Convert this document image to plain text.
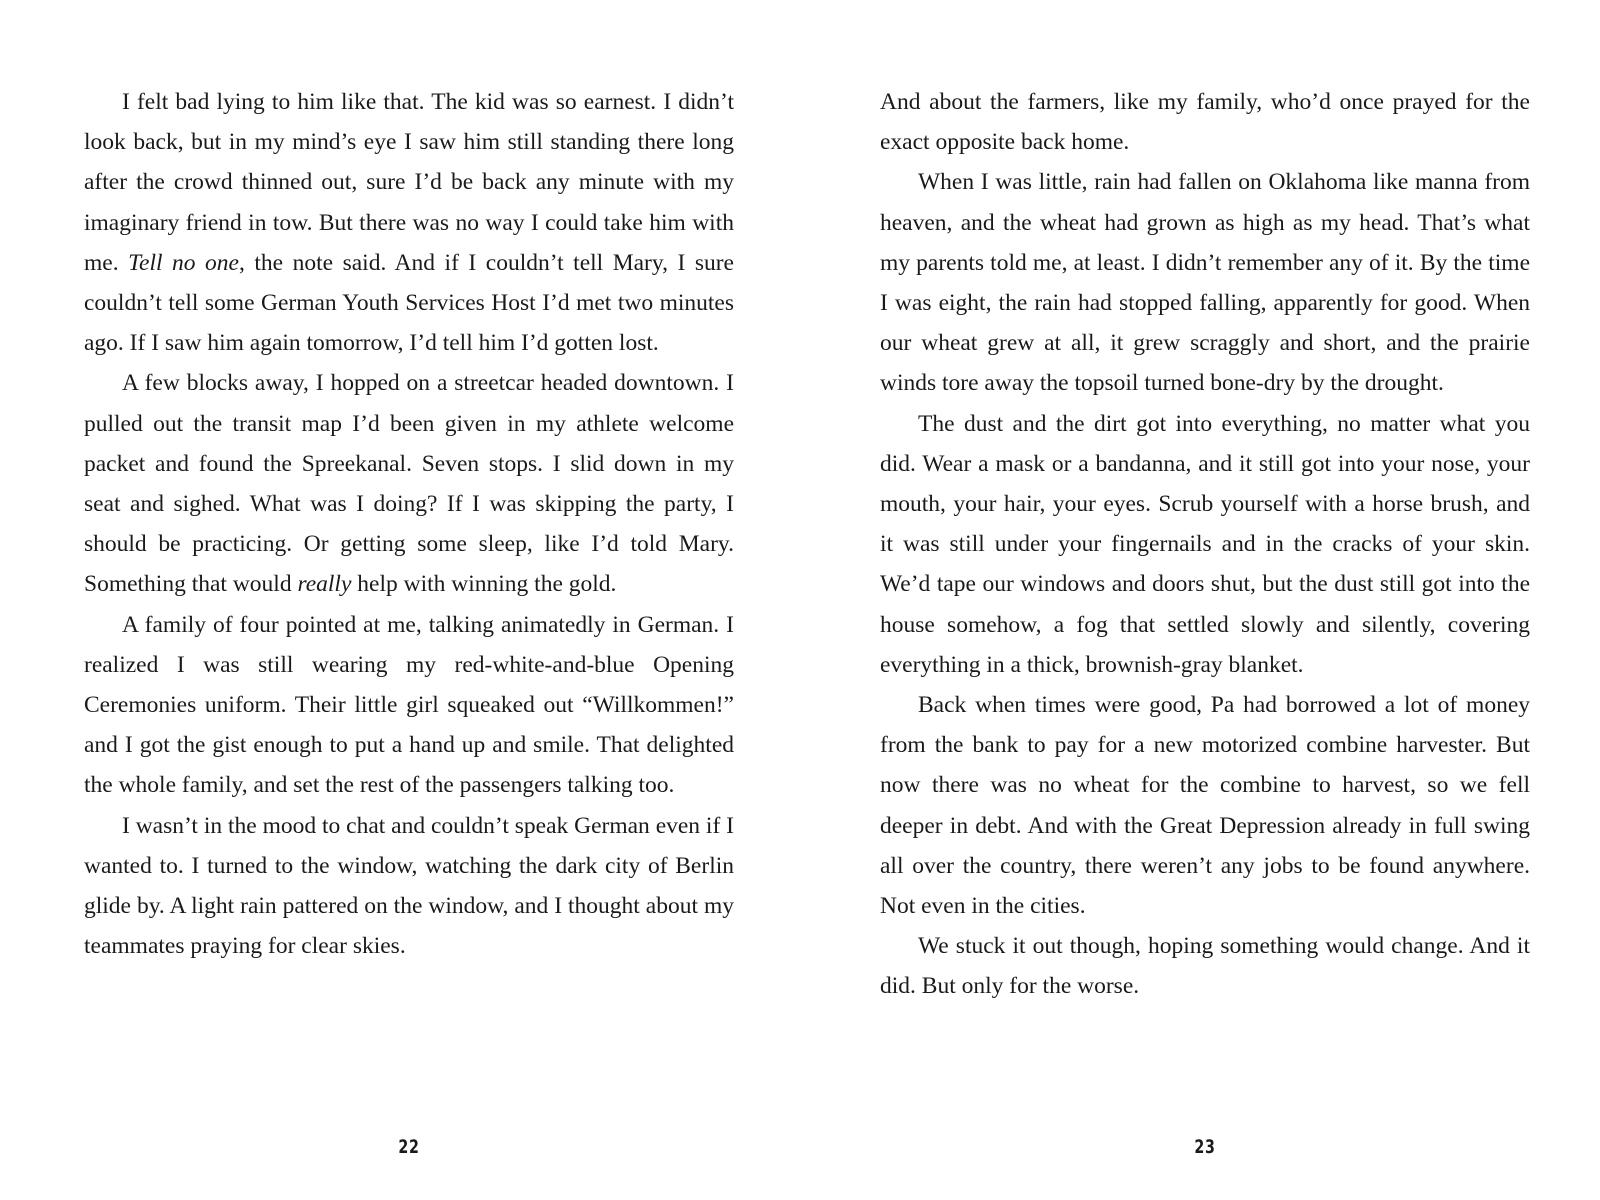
I felt bad lying to him like that. The kid was so earnest. I didn’t look back, but in my mind’s eye I saw him still standing there long after the crowd thinned out, sure I’d be back any minute with my imaginary friend in tow. But there was no way I could take him with me. Tell no one, the note said. And if I couldn’t tell Mary, I sure couldn’t tell some German Youth Services Host I’d met two minutes ago. If I saw him again tomorrow, I’d tell him I’d gotten lost.

A few blocks away, I hopped on a streetcar headed downtown. I pulled out the transit map I’d been given in my athlete welcome packet and found the Spreekanal. Seven stops. I slid down in my seat and sighed. What was I doing? If I was skipping the party, I should be practicing. Or getting some sleep, like I’d told Mary. Something that would really help with winning the gold.

A family of four pointed at me, talking animatedly in German. I realized I was still wearing my red-white-and-blue Opening Ceremonies uniform. Their little girl squeaked out “Willkommen!” and I got the gist enough to put a hand up and smile. That delighted the whole family, and set the rest of the passengers talking too.

I wasn’t in the mood to chat and couldn’t speak German even if I wanted to. I turned to the window, watching the dark city of Berlin glide by. A light rain pattered on the window, and I thought about my teammates praying for clear skies.

And about the farmers, like my family, who’d once prayed for the exact opposite back home.

When I was little, rain had fallen on Oklahoma like manna from heaven, and the wheat had grown as high as my head. That’s what my parents told me, at least. I didn’t remember any of it. By the time I was eight, the rain had stopped falling, apparently for good. When our wheat grew at all, it grew scraggly and short, and the prairie winds tore away the topsoil turned bone-dry by the drought.

The dust and the dirt got into everything, no matter what you did. Wear a mask or a bandanna, and it still got into your nose, your mouth, your hair, your eyes. Scrub yourself with a horse brush, and it was still under your fingernails and in the cracks of your skin. We’d tape our windows and doors shut, but the dust still got into the house somehow, a fog that settled slowly and silently, covering everything in a thick, brownish-gray blanket.

Back when times were good, Pa had borrowed a lot of money from the bank to pay for a new motorized combine harvester. But now there was no wheat for the combine to harvest, so we fell deeper in debt. And with the Great Depression already in full swing all over the country, there weren’t any jobs to be found anywhere. Not even in the cities.

We stuck it out though, hoping something would change. And it did. But only for the worse.

22	23
